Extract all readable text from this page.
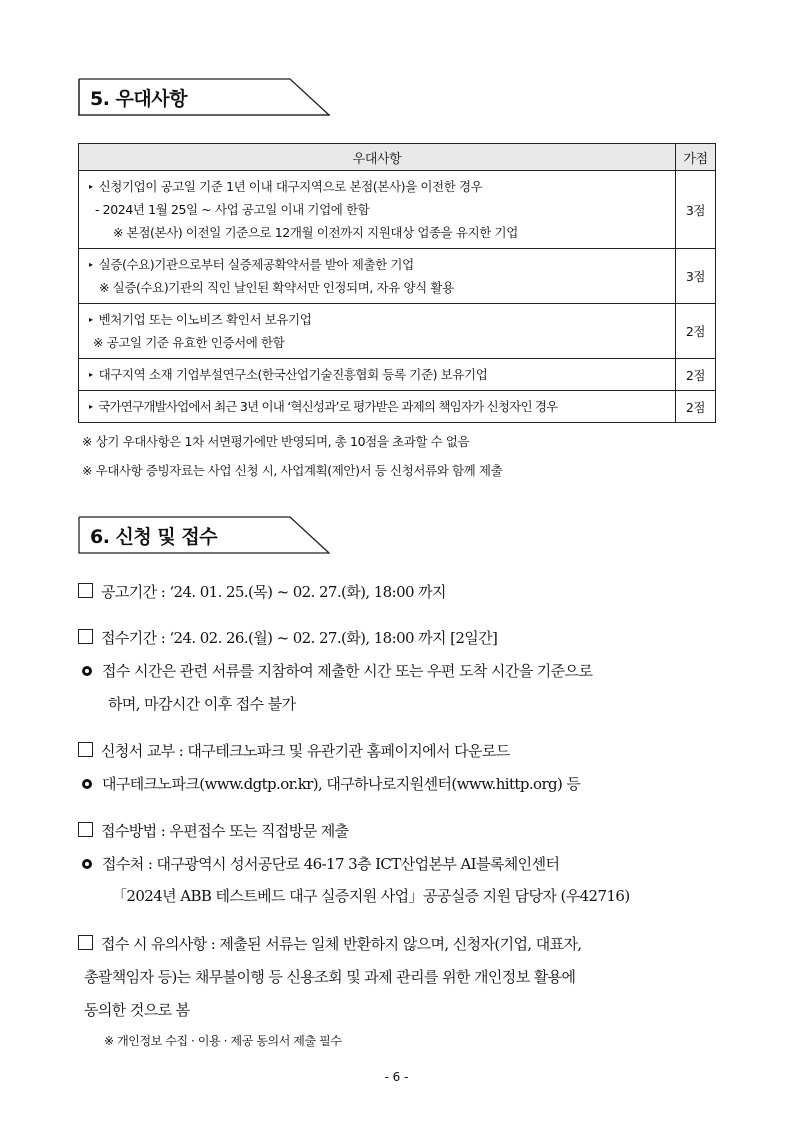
5. 우대사항
우대사항	가점

▸ 신청기업이 공고일 기준 1년 이내 대구지역으로 본점(본사)을 이전한 경우
- 2024년 1월 25일 ~ 사업 공고일 이내 기업에 한함
※ 본점(본사) 이전일 기준으로 12개월 이전까지 지원대상 업종을 유지한 기업	3점

▸ 실증(수요)기관으로부터 실증제공확약서를 받아 제출한 기업
※ 실증(수요)기관의 직인 날인된 확약서만 인정되며, 자유 양식 활용	3점

▸ 벤처기업 또는 이노비즈 확인서 보유기업
※ 공고일 기준 유효한 인증서에 한함	2점

▸ 대구지역 소재 기업부설연구소(한국산업기술진흥협회 등록 기준) 보유기업	2점

▸ 국가연구개발사업에서 최근 3년 이내 ‘혁신성과’로 평가받은 과제의 책임자가 신청자인 경우	2점
※ 상기 우대사항은 1차 서면평가에만 반영되며, 총 10점을 초과할 수 없음
※ 우대사항 증빙자료는 사업 신청 시, 사업계획(제안)서 등 신청서류와 함께 제출
6. 신청 및 접수
공고기간 : ‘24. 01. 25.(목) ~ 02. 27.(화), 18:00 까지
접수기간 : ‘24. 02. 26.(월) ~ 02. 27.(화), 18:00 까지 [2일간]
접수 시간은 관련 서류를 지참하여 제출한 시간 또는 우편 도착 시간을 기준으로
하며, 마감시간 이후 접수 불가
신청서 교부 : 대구테크노파크 및 유관기관 홈페이지에서 다운로드
대구테크노파크(www.dgtp.or.kr), 대구하나로지원센터(www.hittp.org) 등
접수방법 : 우편접수 또는 직접방문 제출
접수처 : 대구광역시 성서공단로 46-17 3층 ICT산업본부 AI블록체인센터
「2024년 ABB 테스트베드 대구 실증지원 사업」공공실증 지원 담당자 (우42716)
접수 시 유의사항 : 제출된 서류는 일체 반환하지 않으며, 신청자(기업, 대표자,
총괄책임자 등)는 채무불이행 등 신용조회 및 과제 관리를 위한 개인정보 활용에
동의한 것으로 봄
※ 개인정보 수집 · 이용 · 제공 동의서 제출 필수
- 6 -
